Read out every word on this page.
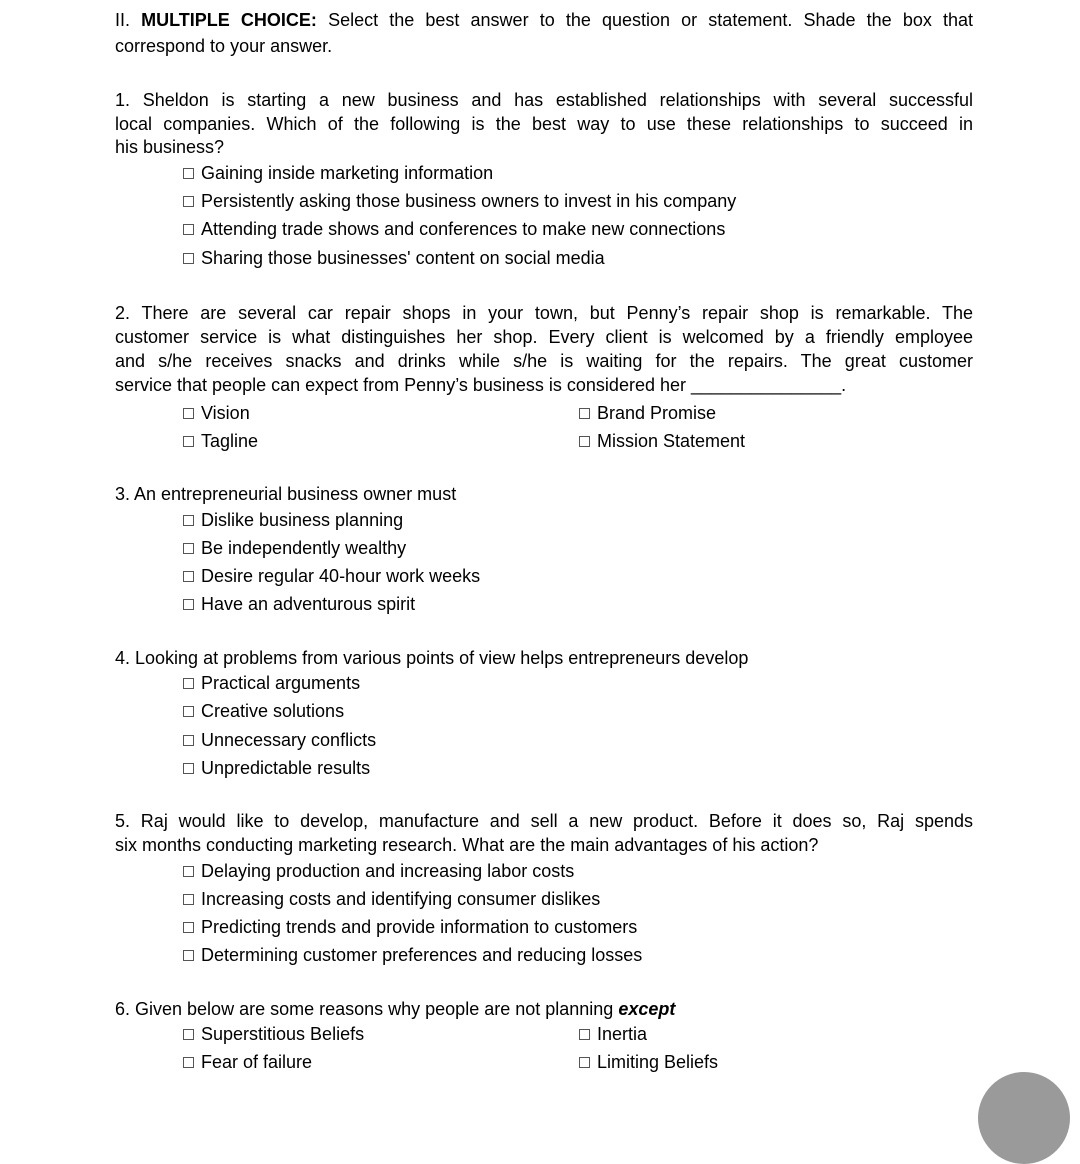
II. MULTIPLE CHOICE: Select the best answer to the question or statement. Shade the box that
correspond to your answer.
1. Sheldon is starting a new business and has established relationships with several successful
local companies. Which of the following is the best way to use these relationships to succeed in
his business?
Gaining inside marketing information
Persistently asking those business owners to invest in his company
Attending trade shows and conferences to make new connections
Sharing those businesses' content on social media
2. There are several car repair shops in your town, but Penny’s repair shop is remarkable. The
customer service is what distinguishes her shop. Every client is welcomed by a friendly employee
and s/he receives snacks and drinks while s/he is waiting for the repairs. The great customer
service that people can expect from Penny’s business is considered her _______________.
Vision	Brand Promise
Tagline	Mission Statement
3. An entrepreneurial business owner must
Dislike business planning
Be independently wealthy
Desire regular 40-hour work weeks
Have an adventurous spirit
4. Looking at problems from various points of view helps entrepreneurs develop
Practical arguments
Creative solutions
Unnecessary conflicts
Unpredictable results
5. Raj would like to develop, manufacture and sell a new product. Before it does so, Raj spends
six months conducting marketing research. What are the main advantages of his action?
Delaying production and increasing labor costs
Increasing costs and identifying consumer dislikes
Predicting trends and provide information to customers
Determining customer preferences and reducing losses
6. Given below are some reasons why people are not planning except
Superstitious Beliefs	Inertia
Fear of failure	Limiting Beliefs
